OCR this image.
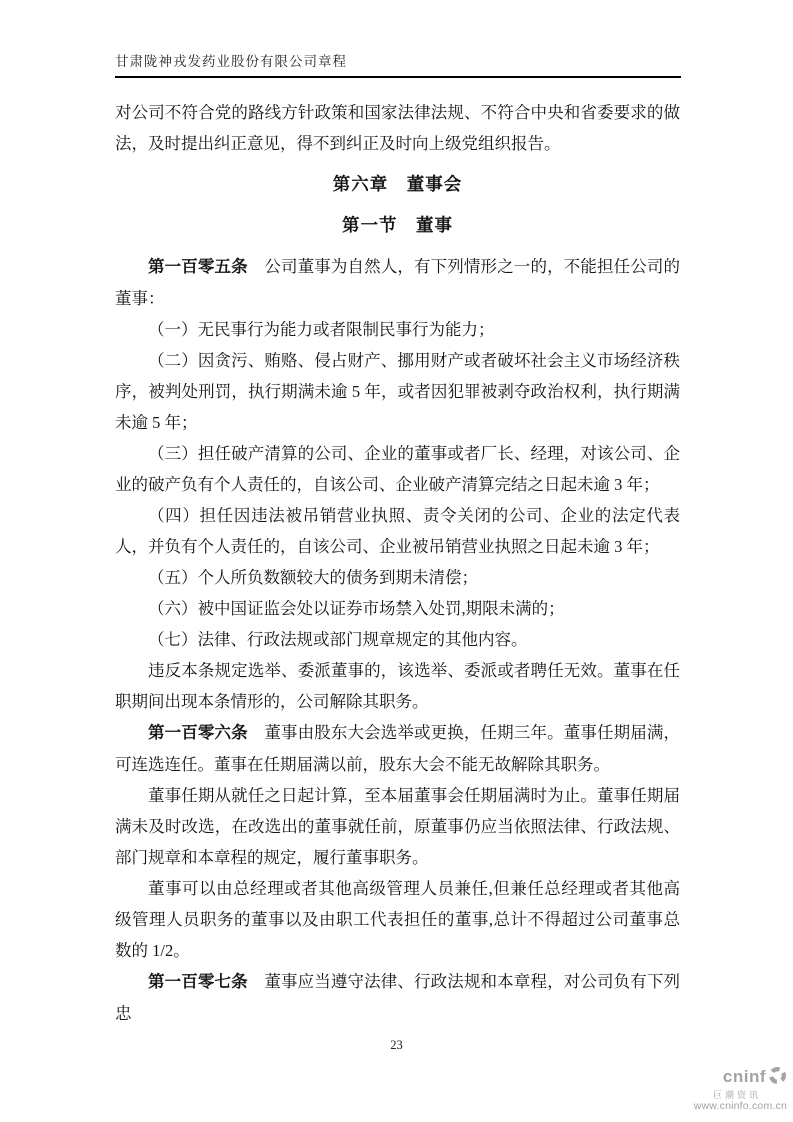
甘肃陇神戎发药业股份有限公司章程

对公司不符合党的路线方针政策和国家法律法规、不符合中央和省委要求的做法，及时提出纠正意见，得不到纠正及时向上级党组织报告。

第六章　董事会

第一节　董事

第一百零五条 公司董事为自然人，有下列情形之一的，不能担任公司的董事：

（一）无民事行为能力或者限制民事行为能力；

（二）因贪污、贿赂、侵占财产、挪用财产或者破坏社会主义市场经济秩序，被判处刑罚，执行期满未逾 5 年，或者因犯罪被剥夺政治权利，执行期满未逾 5 年；

（三）担任破产清算的公司、企业的董事或者厂长、经理，对该公司、企业的破产负有个人责任的，自该公司、企业破产清算完结之日起未逾 3 年；

（四）担任因违法被吊销营业执照、责令关闭的公司、企业的法定代表人，并负有个人责任的，自该公司、企业被吊销营业执照之日起未逾 3 年；

（五）个人所负数额较大的债务到期未清偿；

（六）被中国证监会处以证券市场禁入处罚,期限未满的；

（七）法律、行政法规或部门规章规定的其他内容。

违反本条规定选举、委派董事的，该选举、委派或者聘任无效。董事在任职期间出现本条情形的，公司解除其职务。

第一百零六条 董事由股东大会选举或更换，任期三年。董事任期届满，可连选连任。董事在任期届满以前，股东大会不能无故解除其职务。

董事任期从就任之日起计算，至本届董事会任期届满时为止。董事任期届满未及时改选，在改选出的董事就任前，原董事仍应当依照法律、行政法规、部门规章和本章程的规定，履行董事职务。

董事可以由总经理或者其他高级管理人员兼任,但兼任总经理或者其他高级管理人员职务的董事以及由职工代表担任的董事,总计不得超过公司董事总数的 1/2。

第一百零七条 董事应当遵守法律、行政法规和本章程，对公司负有下列忠

23
cninf
巨潮资讯
www.cninfo.com.cn
